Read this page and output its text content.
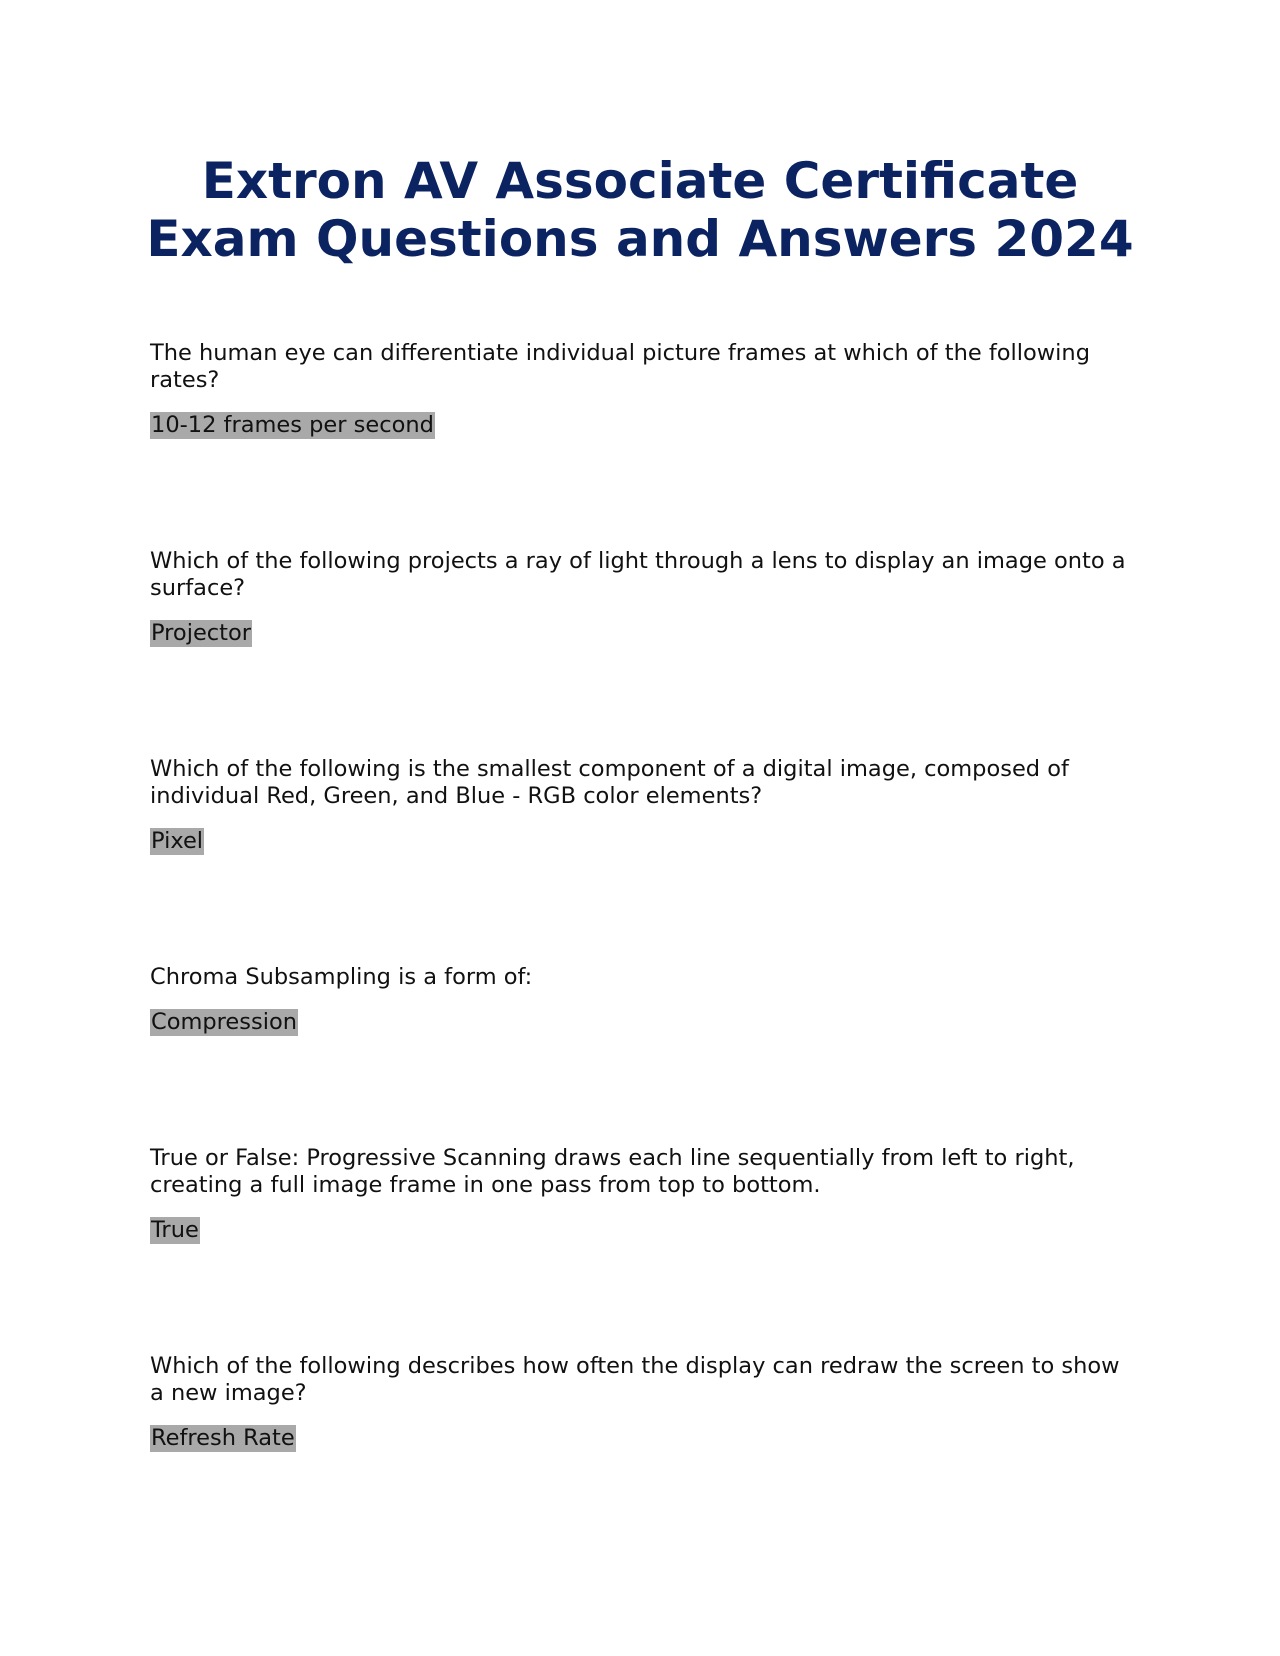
Extron AV Associate Certificate
Exam Questions and Answers 2024

The human eye can differentiate individual picture frames at which of the following rates?

10-12 frames per second

Which of the following projects a ray of light through a lens to display an image onto a surface?

Projector

Which of the following is the smallest component of a digital image, composed of individual Red, Green, and Blue - RGB color elements?

Pixel

Chroma Subsampling is a form of:

Compression

True or False: Progressive Scanning draws each line sequentially from left to right, creating a full image frame in one pass from top to bottom.

True

Which of the following describes how often the display can redraw the screen to show a new image?

Refresh Rate
